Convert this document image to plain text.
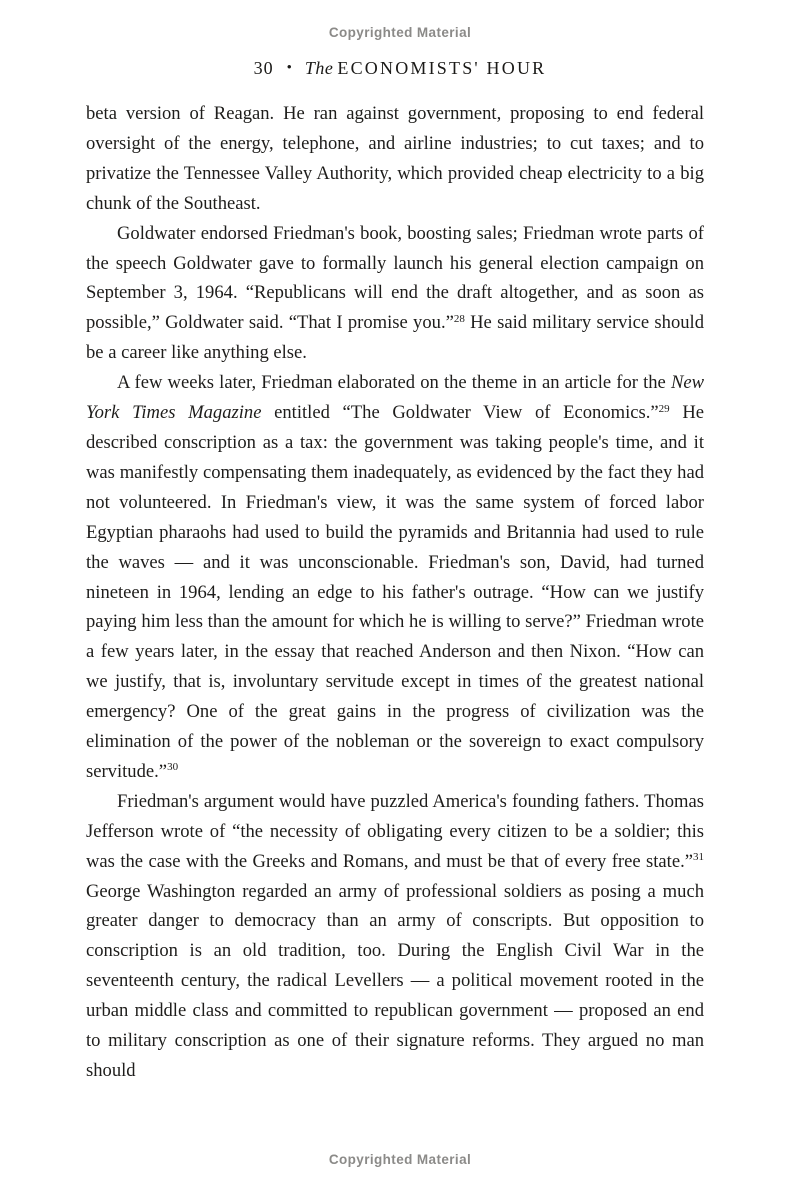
Copyrighted Material
30 • The ECONOMISTS' HOUR

beta version of Reagan. He ran against government, proposing to end federal oversight of the energy, telephone, and airline industries; to cut taxes; and to privatize the Tennessee Valley Authority, which provided cheap electricity to a big chunk of the Southeast.

Goldwater endorsed Friedman's book, boosting sales; Friedman wrote parts of the speech Goldwater gave to formally launch his general election campaign on September 3, 1964. “Republicans will end the draft altogether, and as soon as possible,” Goldwater said. “That I promise you.”$^{28}$ He said military service should be a career like anything else.

A few weeks later, Friedman elaborated on the theme in an article for the New York Times Magazine entitled “The Goldwater View of Economics.”$^{29}$ He described conscription as a tax: the government was taking people's time, and it was manifestly compensating them inadequately, as evidenced by the fact they had not volunteered. In Friedman's view, it was the same system of forced labor Egyptian pharaohs had used to build the pyramids and Britannia had used to rule the waves — and it was unconscionable. Friedman's son, David, had turned nineteen in 1964, lending an edge to his father's outrage. “How can we justify paying him less than the amount for which he is willing to serve?” Friedman wrote a few years later, in the essay that reached Anderson and then Nixon. “How can we justify, that is, involuntary servitude except in times of the greatest national emergency? One of the great gains in the progress of civilization was the elimination of the power of the nobleman or the sovereign to exact compulsory servitude.”$^{30}$

Friedman's argument would have puzzled America's founding fathers. Thomas Jefferson wrote of “the necessity of obligating every citizen to be a soldier; this was the case with the Greeks and Romans, and must be that of every free state.”$^{31}$ George Washington regarded an army of professional soldiers as posing a much greater danger to democracy than an army of conscripts. But opposition to conscription is an old tradition, too. During the English Civil War in the seventeenth century, the radical Levellers — a political movement rooted in the urban middle class and committed to republican government — proposed an end to military conscription as one of their signature reforms. They argued no man should

Copyrighted Material
